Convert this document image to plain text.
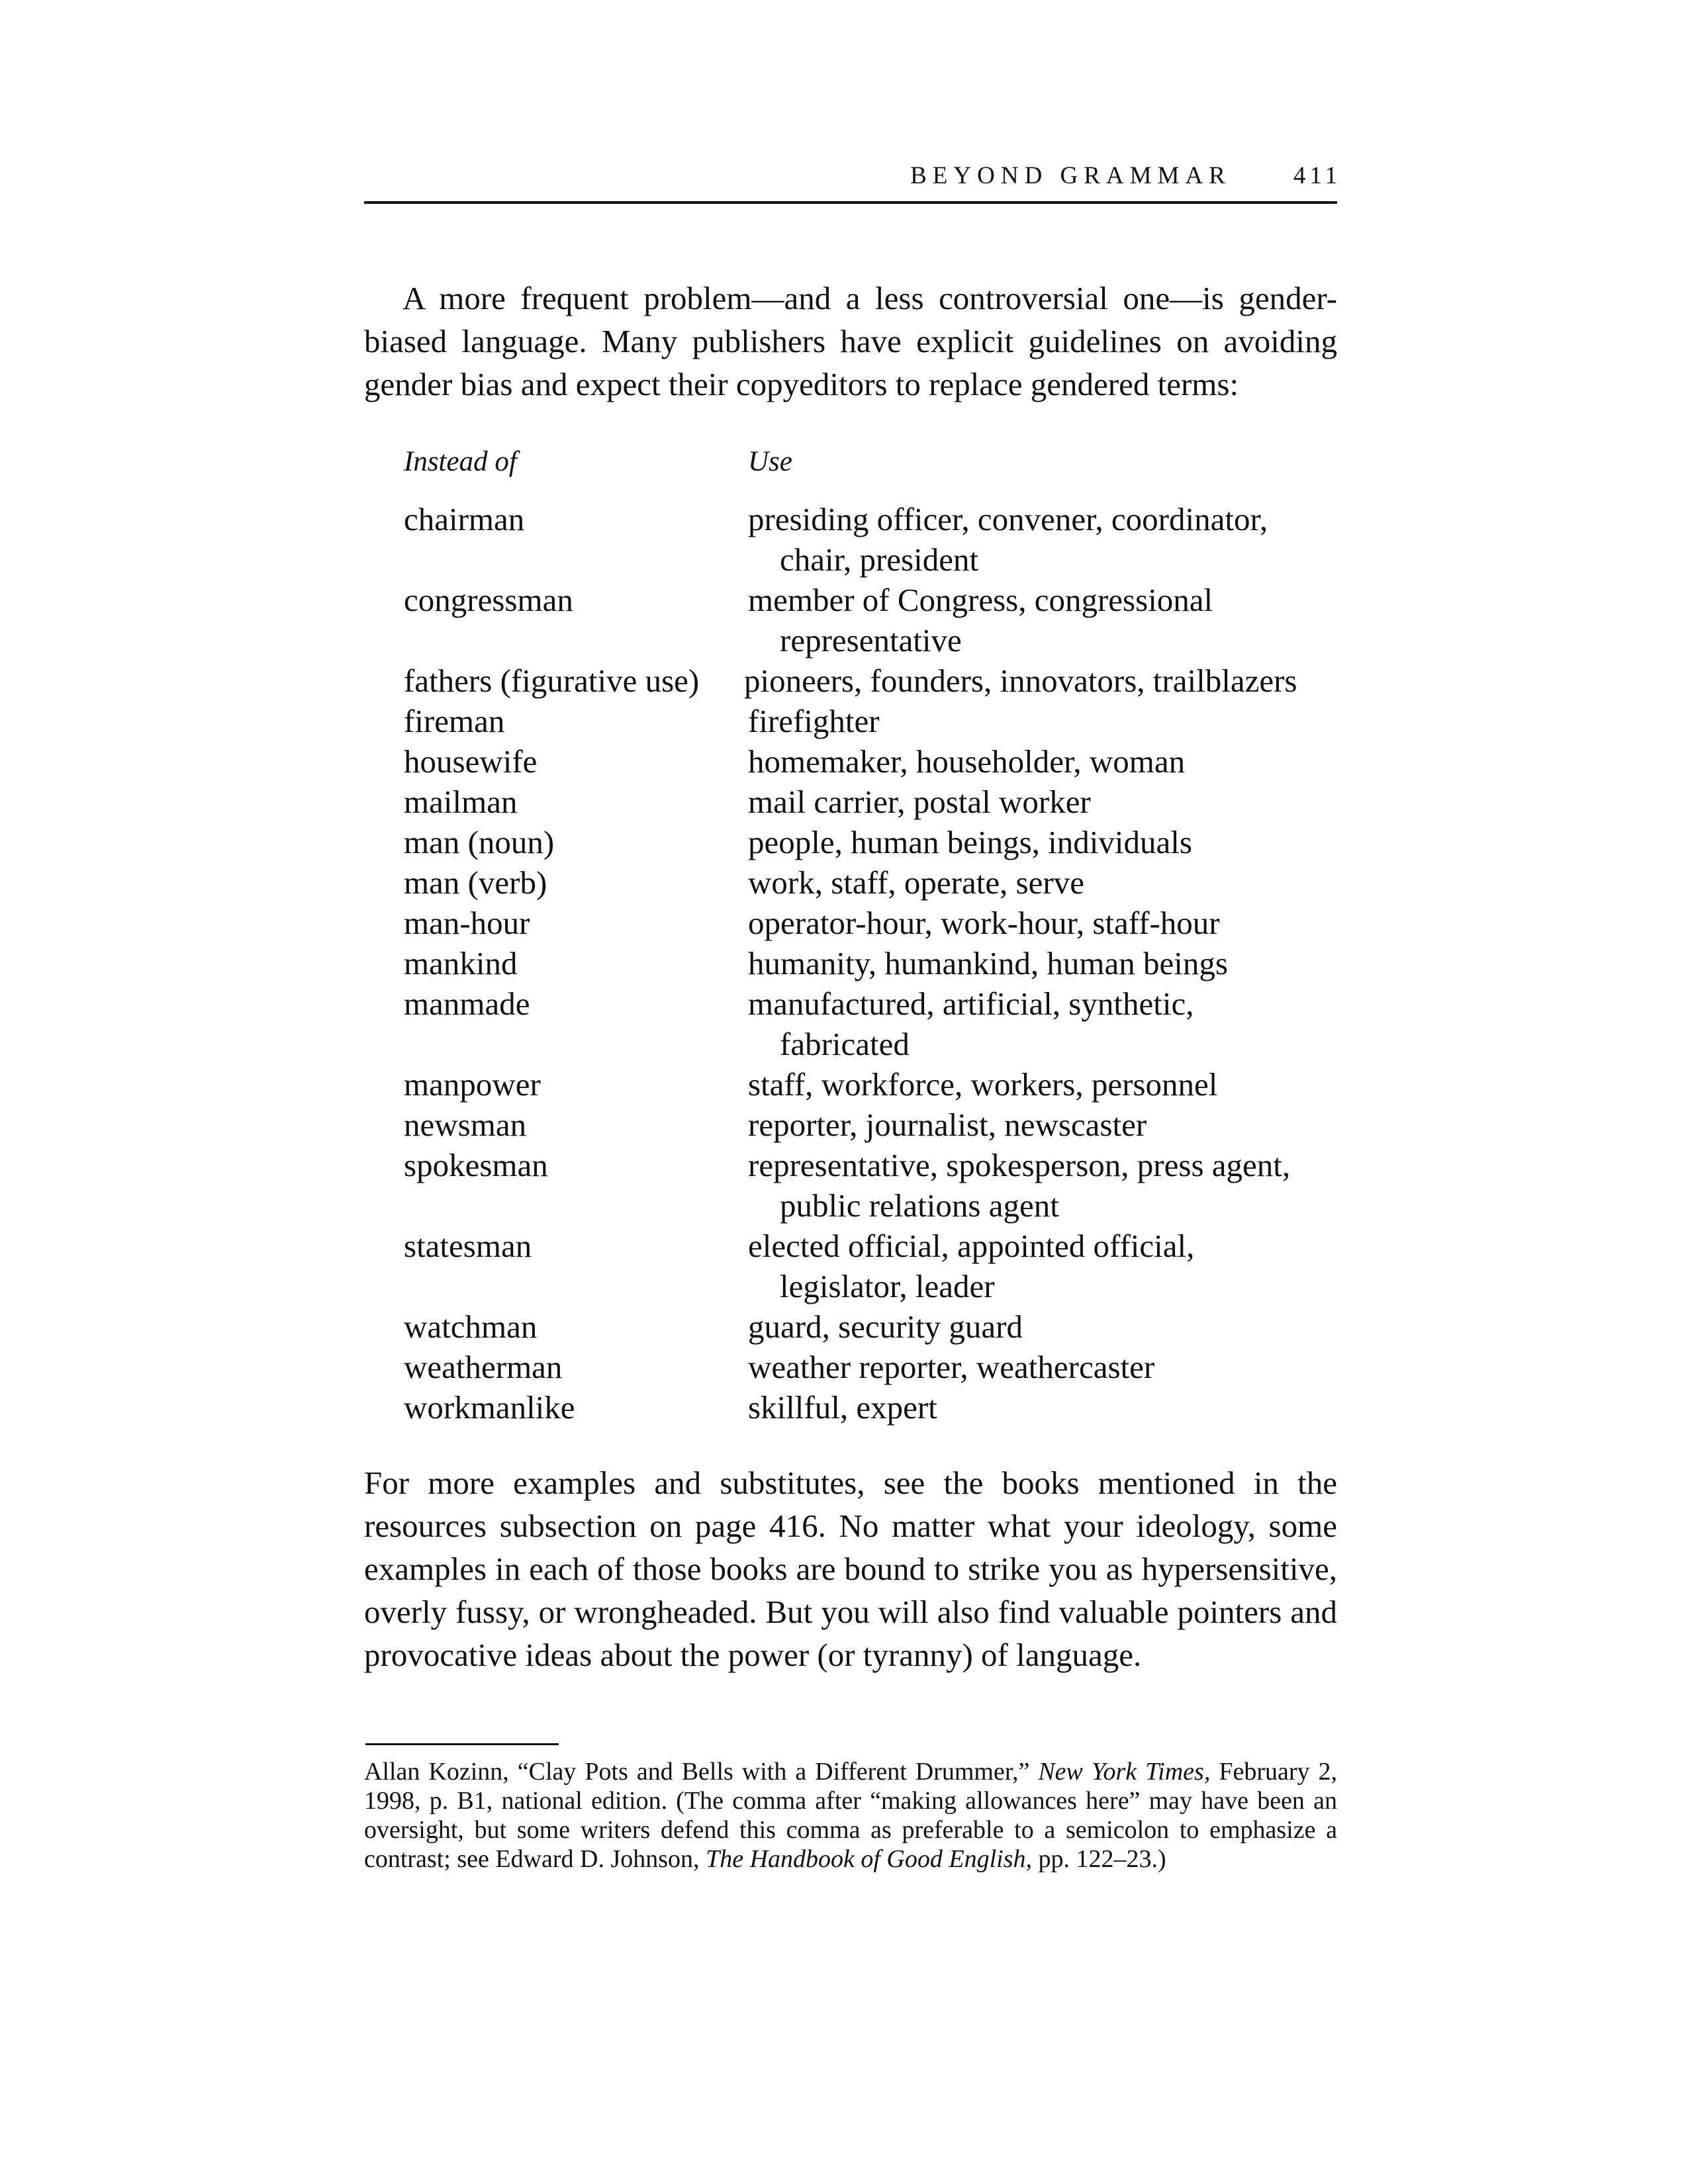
BEYOND GRAMMAR	411

A more frequent problem—and a less controversial one—is gender-biased language. Many publishers have explicit guidelines on avoiding gender bias and expect their copyeditors to replace gendered terms:

Instead of	Use
chairman	presiding officer, convener, coordinator,
chair, president
congressman	member of Congress, congressional
representative
fathers (figurative use)	pioneers, founders, innovators, trailblazers
fireman	firefighter
housewife	homemaker, householder, woman
mailman	mail carrier, postal worker
man (noun)	people, human beings, individuals
man (verb)	work, staff, operate, serve
man-hour	operator-hour, work-hour, staff-hour
mankind	humanity, humankind, human beings
manmade	manufactured, artificial, synthetic,
fabricated
manpower	staff, workforce, workers, personnel
newsman	reporter, journalist, newscaster
spokesman	representative, spokesperson, press agent,
public relations agent
statesman	elected official, appointed official,
legislator, leader
watchman	guard, security guard
weatherman	weather reporter, weathercaster
workmanlike	skillful, expert

For more examples and substitutes, see the books mentioned in the resources subsection on page 416. No matter what your ideology, some examples in each of those books are bound to strike you as hypersensitive, overly fussy, or wrongheaded. But you will also find valuable pointers and provocative ideas about the power (or tyranny) of language.

Allan Kozinn, “Clay Pots and Bells with a Different Drummer,” New York Times, February 2, 1998, p. B1, national edition. (The comma after “making allowances here” may have been an oversight, but some writers defend this comma as preferable to a semicolon to emphasize a contrast; see Edward D. Johnson, The Handbook of Good English, pp. 122–23.)
